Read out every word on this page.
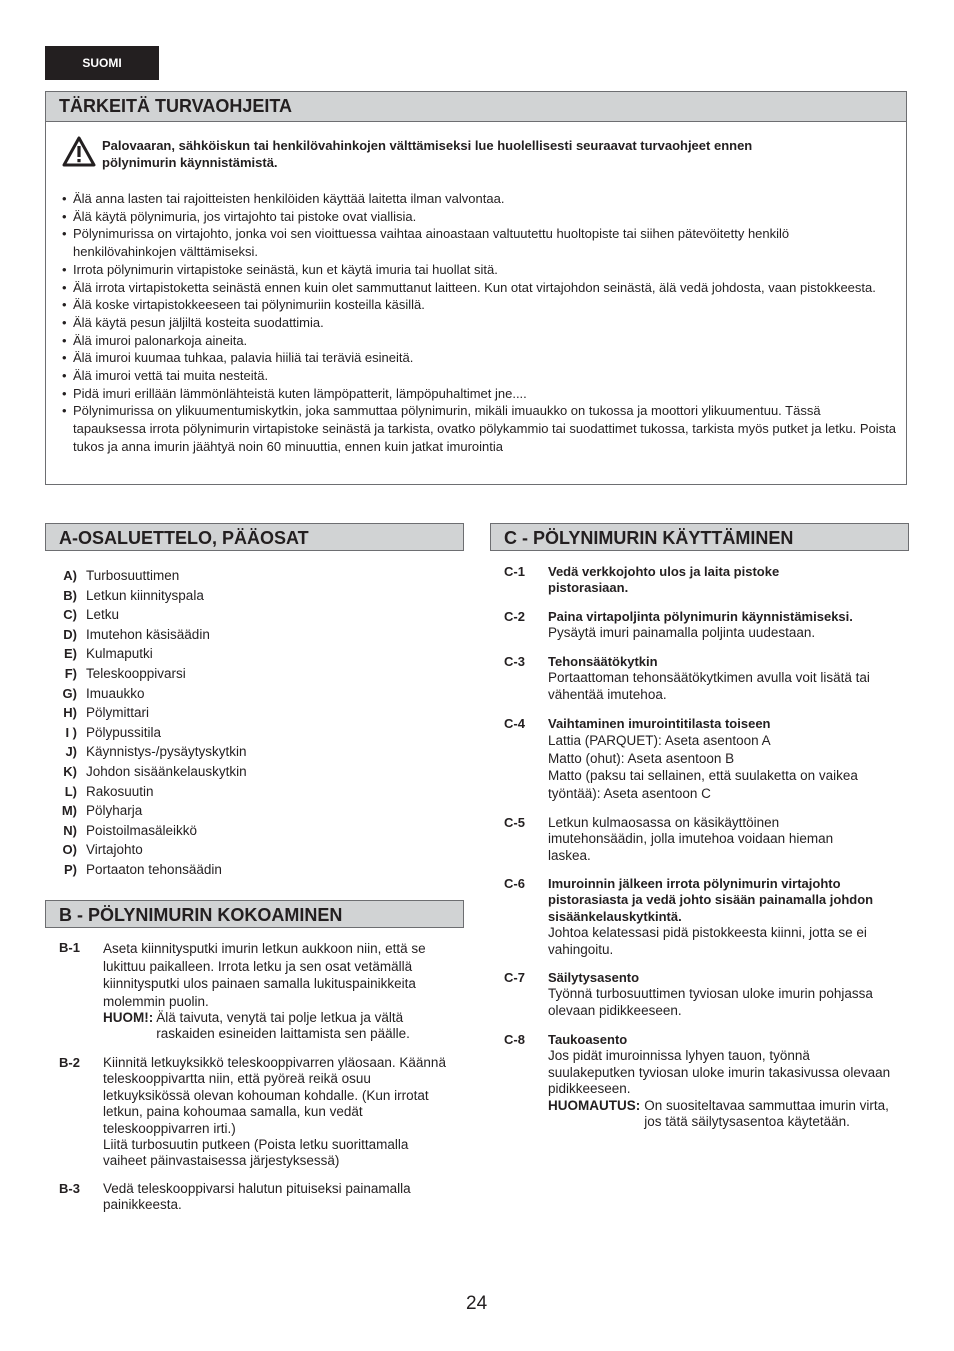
SUOMI
TÄRKEITÄ TURVAOHJEITA
Palovaaran, sähköiskun tai henkilövahinkojen välttämiseksi lue huolellisesti seuraavat turvaohjeet ennen
pölynimurin käynnistämistä.
• Älä anna lasten tai rajoitteisten henkilöiden käyttää laitetta ilman valvontaa.
• Älä käytä pölynimuria, jos virtajohto tai pistoke ovat viallisia.
• Pölynimurissa on virtajohto, jonka voi sen vioittuessa vaihtaa ainoastaan valtuutettu huoltopiste tai siihen pätevöitetty henkilö henkilövahinkojen välttämiseksi.
• Irrota pölynimurin virtapistoke seinästä, kun et käytä imuria tai huollat sitä.
• Älä irrota virtapistoketta seinästä ennen kuin olet sammuttanut laitteen. Kun otat virtajohdon seinästä, älä vedä johdosta, vaan pistokkeesta.
• Älä koske virtapistokkeeseen tai pölynimuriin kosteilla käsillä.
• Älä käytä pesun jäljiltä kosteita suodattimia.
• Älä imuroi palonarkoja aineita.
• Älä imuroi kuumaa tuhkaa, palavia hiiliä tai teräviä esineitä.
• Älä imuroi vettä tai muita nesteitä.
• Pidä imuri erillään lämmönlähteistä kuten lämpöpatterit, lämpöpuhaltimet jne....
• Pölynimurissa on ylikuumentumiskytkin, joka sammuttaa pölynimurin, mikäli imuaukko on tukossa ja moottori ylikuumentuu. Tässä tapauksessa irrota pölynimurin virtapistoke seinästä ja tarkista, ovatko pölykammio tai suodattimet tukossa, tarkista myös putket ja letku. Poista tukos ja anna imurin jäähtyä noin 60 minuuttia, ennen kuin jatkat imurointia
A-OSALUETTELO, PÄÄOSAT
A) Turbosuuttimen
B) Letkun kiinnityspala
C) Letku
D) Imutehon käsisäädin
E) Kulmaputki
F) Teleskooppivarsi
G) Imuaukko
H) Pölymittari
I ) Pölypussitila
J) Käynnistys-/pysäytyskytkin
K) Johdon sisäänkelauskytkin
L) Rakosuutin
M) Pölyharja
N) Poistoilmasäleikkö
O) Virtajohto
P) Portaaton tehonsäädin
B - PÖLYNIMURIN KOKOAMINEN
B-1 Aseta kiinnitysputki imurin letkun aukkoon niin, että se lukittuu paikalleen. Irrota letku ja sen osat vetämällä kiinnitysputki ulos painaen samalla lukituspainikkeita molemmin puolin.
HUOM!: Älä taivuta, venytä tai polje letkua ja vältä raskaiden esineiden laittamista sen päälle.
B-2 Kiinnitä letkuyksikkö teleskooppivarren yläosaan. Käännä teleskooppivartta niin, että pyöreä reikä osuu letkuyksikössä olevan kohouman kohdalle. (Kun irrotat letkun, paina kohoumaa samalla, kun vedät teleskooppivarren irti.)
Liitä turbosuutin putkeen (Poista letku suorittamalla vaiheet päinvastaisessa järjestyksessä)
B-3 Vedä teleskooppivarsi halutun pituiseksi painamalla painikkeesta.
C - PÖLYNIMURIN KÄYTTÄMINEN
C-1 Vedä verkkojohto ulos ja laita pistoke pistorasiaan.
C-2 Paina virtapoljinta pölynimurin käynnistämiseksi.
Pysäytä imuri painamalla poljinta uudestaan.
C-3 Tehonsäätökytkin
Portaattoman tehonsäätökytkimen avulla voit lisätä tai vähentää imutehoa.
C-4 Vaihtaminen imurointitilasta toiseen
Lattia (PARQUET): Aseta asentoon A
Matto (ohut): Aseta asentoon B
Matto (paksu tai sellainen, että suulaketta on vaikea työntää): Aseta asentoon C
C-5 Letkun kulmaosassa on käsikäyttöinen imutehonsäädin, jolla imutehoa voidaan hieman laskea.
C-6 Imuroinnin jälkeen irrota pölynimurin virtajohto pistorasiasta ja vedä johto sisään painamalla johdon sisäänkelauskytkintä.
Johtoa kelatessasi pidä pistokkeesta kiinni, jotta se ei vahingoitu.
C-7 Säilytysasento
Työnnä turbosuuttimen tyviosan uloke imurin pohjassa olevaan pidikkeeseen.
C-8 Taukoasento
Jos pidät imuroinnissa lyhyen tauon, työnnä suulakeputken tyviosan uloke imurin takasivussa olevaan pidikkeeseen.
HUOMAUTUS: On suositeltavaa sammuttaa imurin virta, jos tätä säilytysasentoa käytetään.
24
